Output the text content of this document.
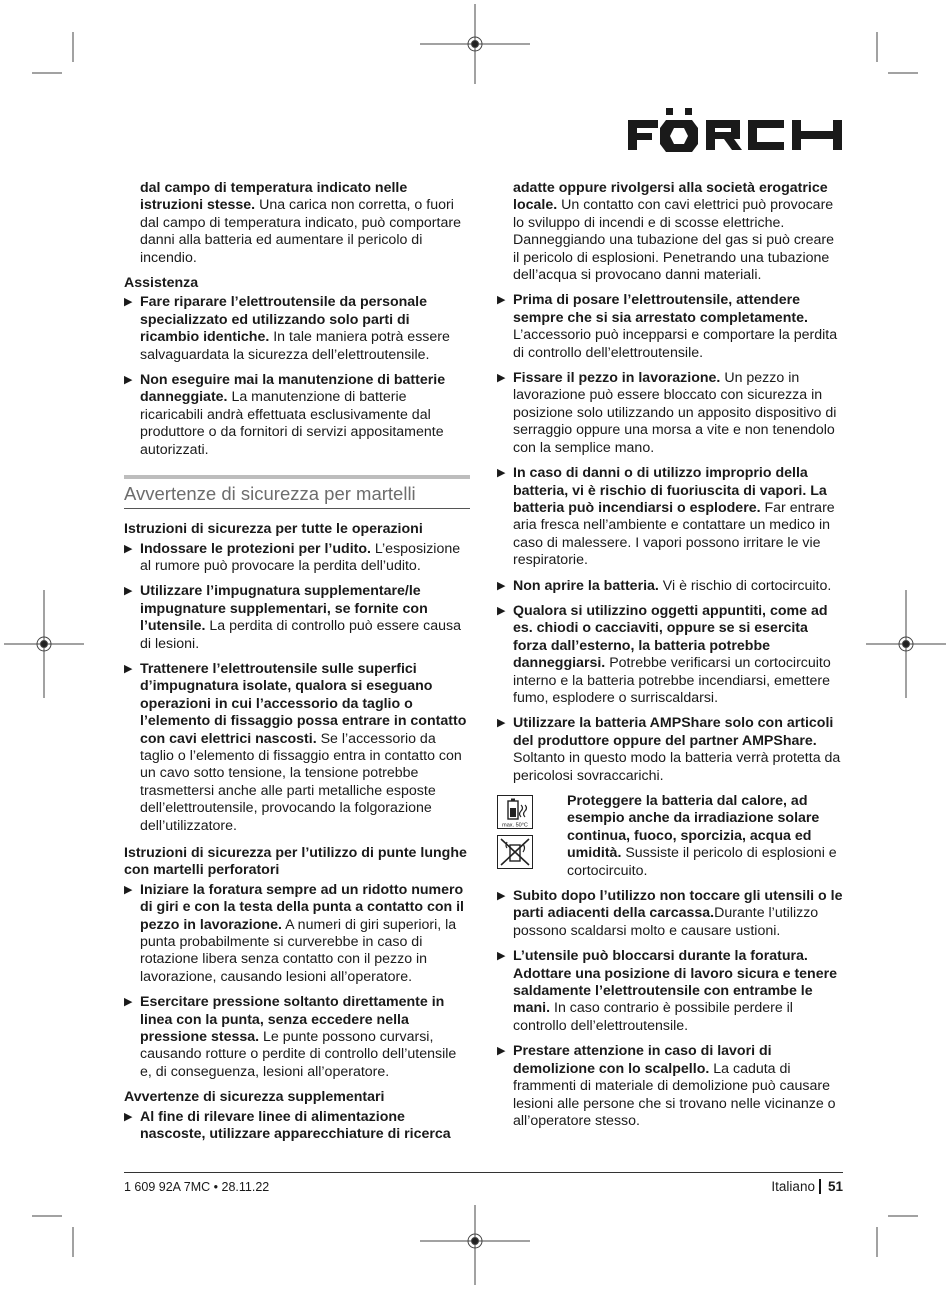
dal campo di temperatura indicato nelle istruzioni stesse. Una carica non corretta, o fuori dal campo di temperatura indicato, può comportare danni alla batteria ed aumentare il pericolo di incendio.
Assistenza
▶ Fare riparare l’elettroutensile da personale specializzato ed utilizzando solo parti di ricambio identiche. In tale maniera potrà essere salvaguardata la sicurezza dell’elettroutensile.
▶ Non eseguire mai la manutenzione di batterie danneggiate. La manutenzione di batterie ricaricabili andrà effettuata esclusivamente dal produttore o da fornitori di servizi appositamente autorizzati.
Avvertenze di sicurezza per martelli
Istruzioni di sicurezza per tutte le operazioni
▶ Indossare le protezioni per l’udito. L’esposizione al rumore può provocare la perdita dell’udito.
▶ Utilizzare l’impugnatura supplementare/le impugnature supplementari, se fornite con l’utensile. La perdita di controllo può essere causa di lesioni.
▶ Trattenere l’elettroutensile sulle superfici d’impugnatura isolate, qualora si eseguano operazioni in cui l’accessorio da taglio o l’elemento di fissaggio possa entrare in contatto con cavi elettrici nascosti. Se l’accessorio da taglio o l’elemento di fissaggio entra in contatto con un cavo sotto tensione, la tensione potrebbe trasmettersi anche alle parti metalliche esposte dell’elettroutensile, provocando la folgorazione dell’utilizzatore.
Istruzioni di sicurezza per l’utilizzo di punte lunghe con martelli perforatori
▶ Iniziare la foratura sempre ad un ridotto numero di giri e con la testa della punta a contatto con il pezzo in lavorazione. A numeri di giri superiori, la punta probabilmente si curverebbe in caso di rotazione libera senza contatto con il pezzo in lavorazione, causando lesioni all’operatore.
▶ Esercitare pressione soltanto direttamente in linea con la punta, senza eccedere nella pressione stessa. Le punte possono curvarsi, causando rotture o perdite di controllo dell’utensile e, di conseguenza, lesioni all’operatore.
Avvertenze di sicurezza supplementari
▶ Al fine di rilevare linee di alimentazione nascoste, utilizzare apparecchiature di ricerca
adatte oppure rivolgersi alla società erogatrice locale. Un contatto con cavi elettrici può provocare lo sviluppo di incendi e di scosse elettriche. Danneggiando una tubazione del gas si può creare il pericolo di esplosioni. Penetrando una tubazione dell’acqua si provocano danni materiali.
▶ Prima di posare l’elettroutensile, attendere sempre che si sia arrestato completamente. L’accessorio può incepparsi e comportare la perdita di controllo dell’elettroutensile.
▶ Fissare il pezzo in lavorazione. Un pezzo in lavorazione può essere bloccato con sicurezza in posizione solo utilizzando un apposito dispositivo di serraggio oppure una morsa a vite e non tenendolo con la semplice mano.
▶ In caso di danni o di utilizzo improprio della batteria, vi è rischio di fuoriuscita di vapori. La batteria può incendiarsi o esplodere. Far entrare aria fresca nell’ambiente e contattare un medico in caso di malessere. I vapori possono irritare le vie respiratorie.
▶ Non aprire la batteria. Vi è rischio di cortocircuito.
▶ Qualora si utilizzino oggetti appuntiti, come ad es. chiodi o cacciaviti, oppure se si esercita forza dall’esterno, la batteria potrebbe danneggiarsi. Potrebbe verificarsi un cortocircuito interno e la batteria potrebbe incendiarsi, emettere fumo, esplodere o surriscaldarsi.
▶ Utilizzare la batteria AMPShare solo con articoli del produttore oppure del partner AMPShare. Soltanto in questo modo la batteria verrà protetta da pericolosi sovraccarichi.
max. 50°C
Proteggere la batteria dal calore, ad esempio anche da irradiazione solare continua, fuoco, sporcizia, acqua ed umidità. Sussiste il pericolo di esplosioni e cortocircuito.
▶ Subito dopo l’utilizzo non toccare gli utensili o le parti adiacenti della carcassa.Durante l’utilizzo possono scaldarsi molto e causare ustioni.
▶ L’utensile può bloccarsi durante la foratura. Adottare una posizione di lavoro sicura e tenere saldamente l’elettroutensile con entrambe le mani. In caso contrario è possibile perdere il controllo dell’elettroutensile.
▶ Prestare attenzione in caso di lavori di demolizione con lo scalpello. La caduta di frammenti di materiale di demolizione può causare lesioni alle persone che si trovano nelle vicinanze o all’operatore stesso.
1 609 92A 7MC • 28.11.22	Italiano 51
